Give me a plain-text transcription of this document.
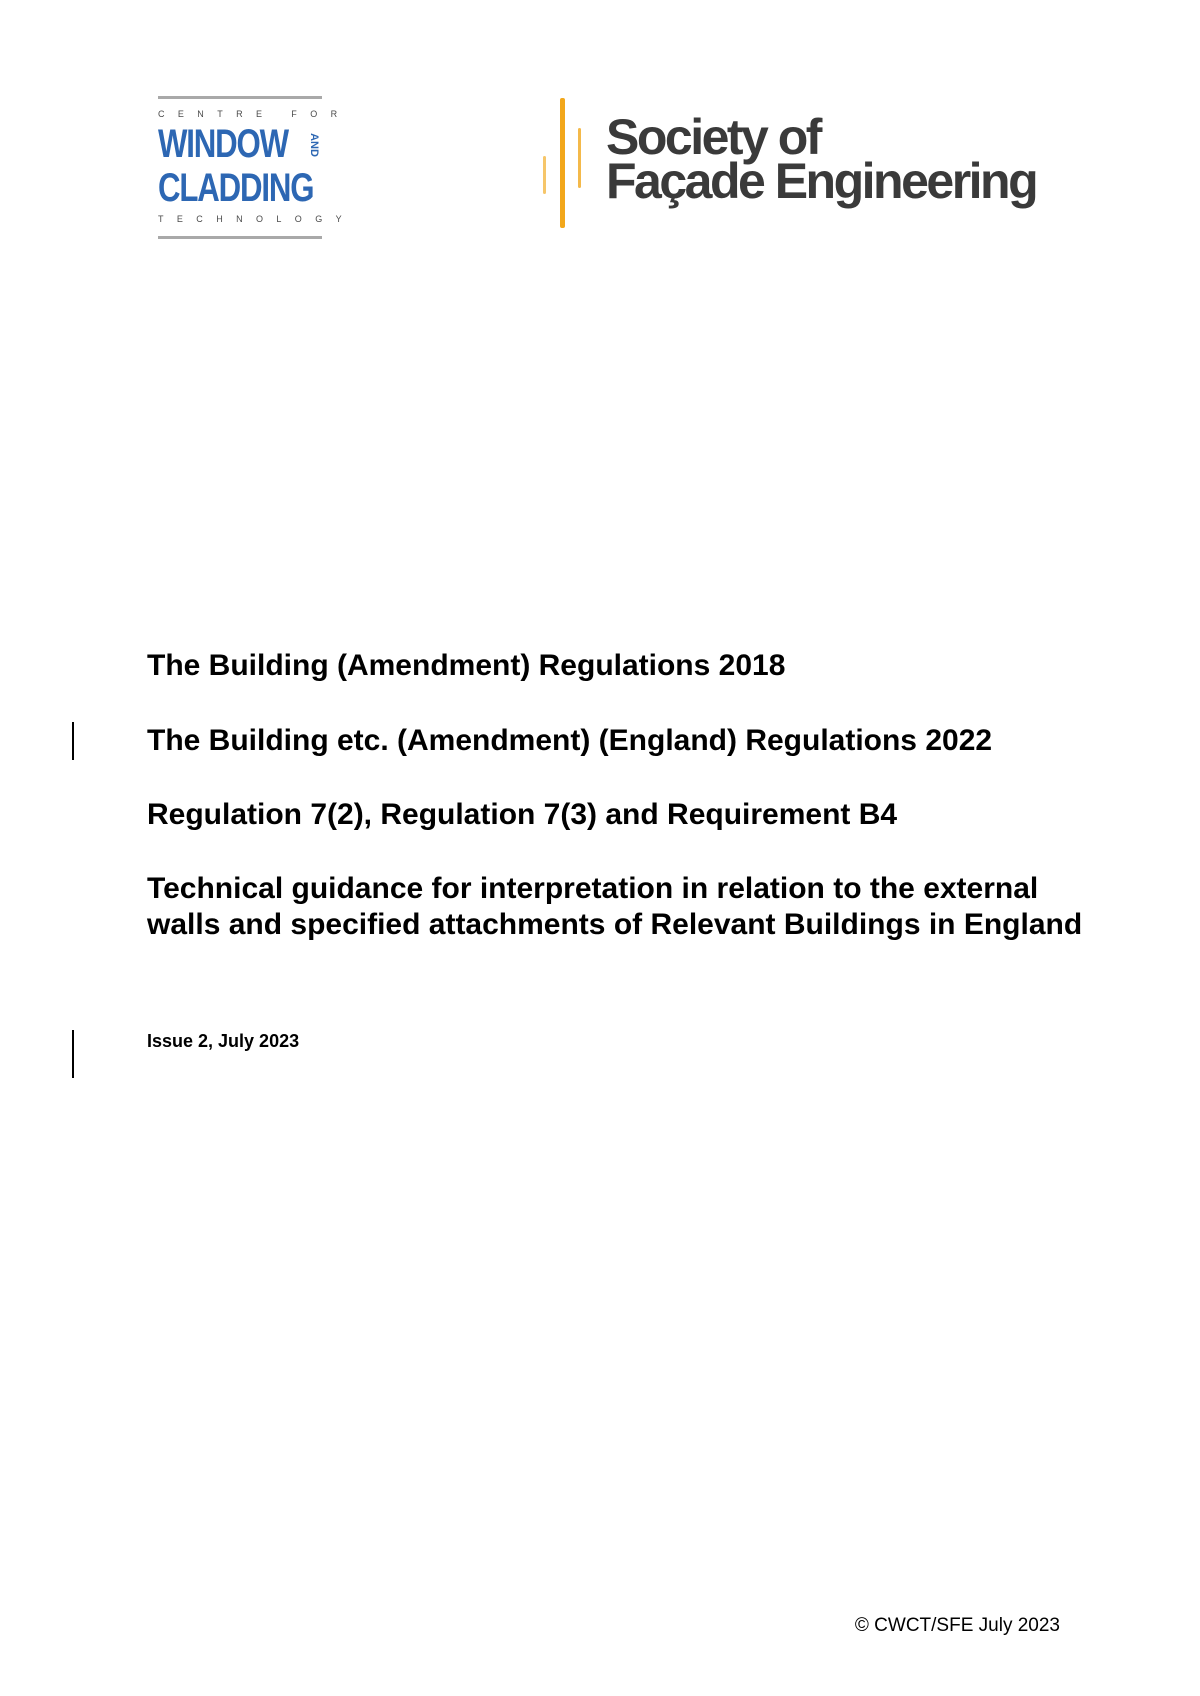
CENTRE FOR
WINDOW AND
CLADDING
TECHNOLOGY
Society of
Façade Engineering
The Building (Amendment) Regulations 2018
The Building etc. (Amendment) (England) Regulations 2022
Regulation 7(2), Regulation 7(3) and Requirement B4
Technical guidance for interpretation in relation to the external walls and specified attachments of Relevant Buildings in England
Issue 2, July 2023
© CWCT/SFE July 2023
